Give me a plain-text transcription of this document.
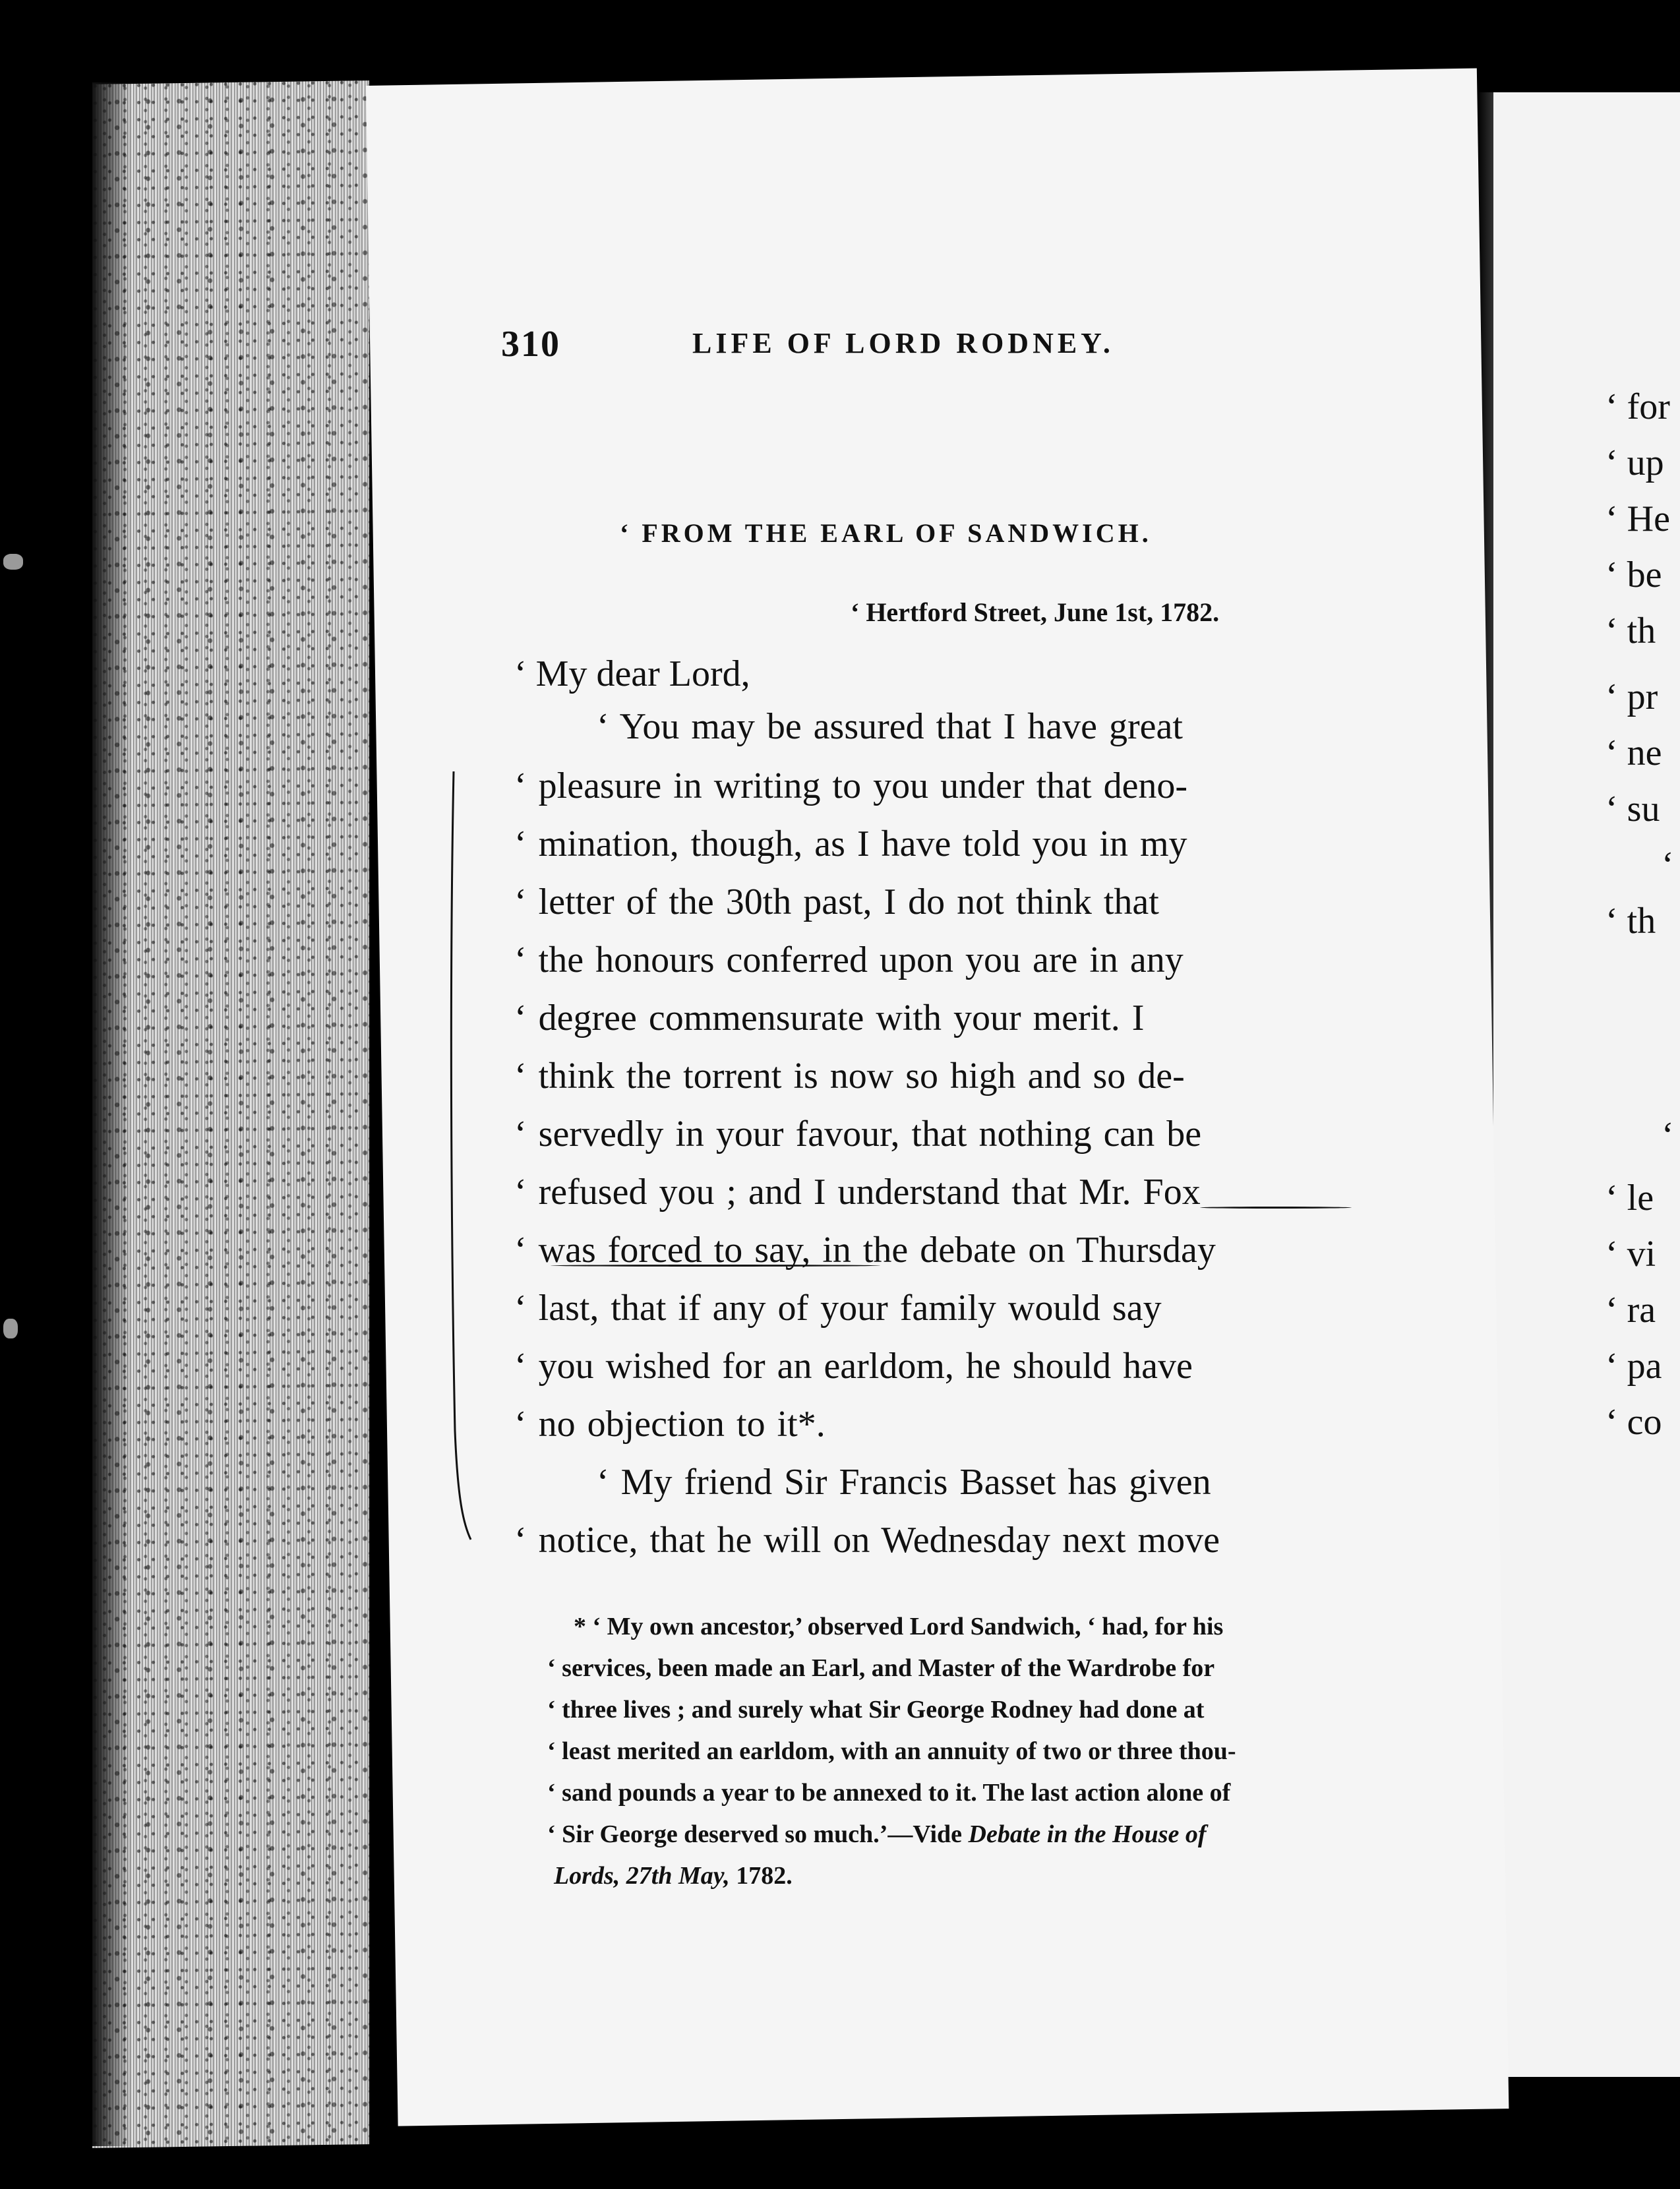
310	LIFE OF LORD RODNEY.
‘ FROM THE EARL OF SANDWICH.
‘ Hertford Street, June 1st, 1782.
‘ My dear Lord,
‘ You may be assured that I have great
‘ pleasure in writing to you under that deno-
‘ mination, though, as I have told you in my
‘ letter of the 30th past, I do not think that
‘ the honours conferred upon you are in any
‘ degree commensurate with your merit. I
‘ think the torrent is now so high and so de-
‘ servedly in your favour, that nothing can be
‘ refused you ; and I understand that Mr. Fox
‘ was forced to say, in the debate on Thursday
‘ last, that if any of your family would say
‘ you wished for an earldom, he should have
‘ no objection to it*.
‘ My friend Sir Francis Basset has given
‘ notice, that he will on Wednesday next move
* ‘ My own ancestor,’ observed Lord Sandwich, ‘ had, for his
‘ services, been made an Earl, and Master of the Wardrobe for
‘ three lives ; and surely what Sir George Rodney had done at
‘ least merited an earldom, with an annuity of two or three thou-
‘ sand pounds a year to be annexed to it. The last action alone of
‘ Sir George deserved so much.’—Vide Debate in the House of
Lords, 27th May, 1782.
‘ for
‘ up
‘ He
‘ be
‘ th
‘ pr
‘ ne
‘ su
‘
‘ th
‘
‘ le
‘ vi
‘ ra
‘ pa
‘ co
